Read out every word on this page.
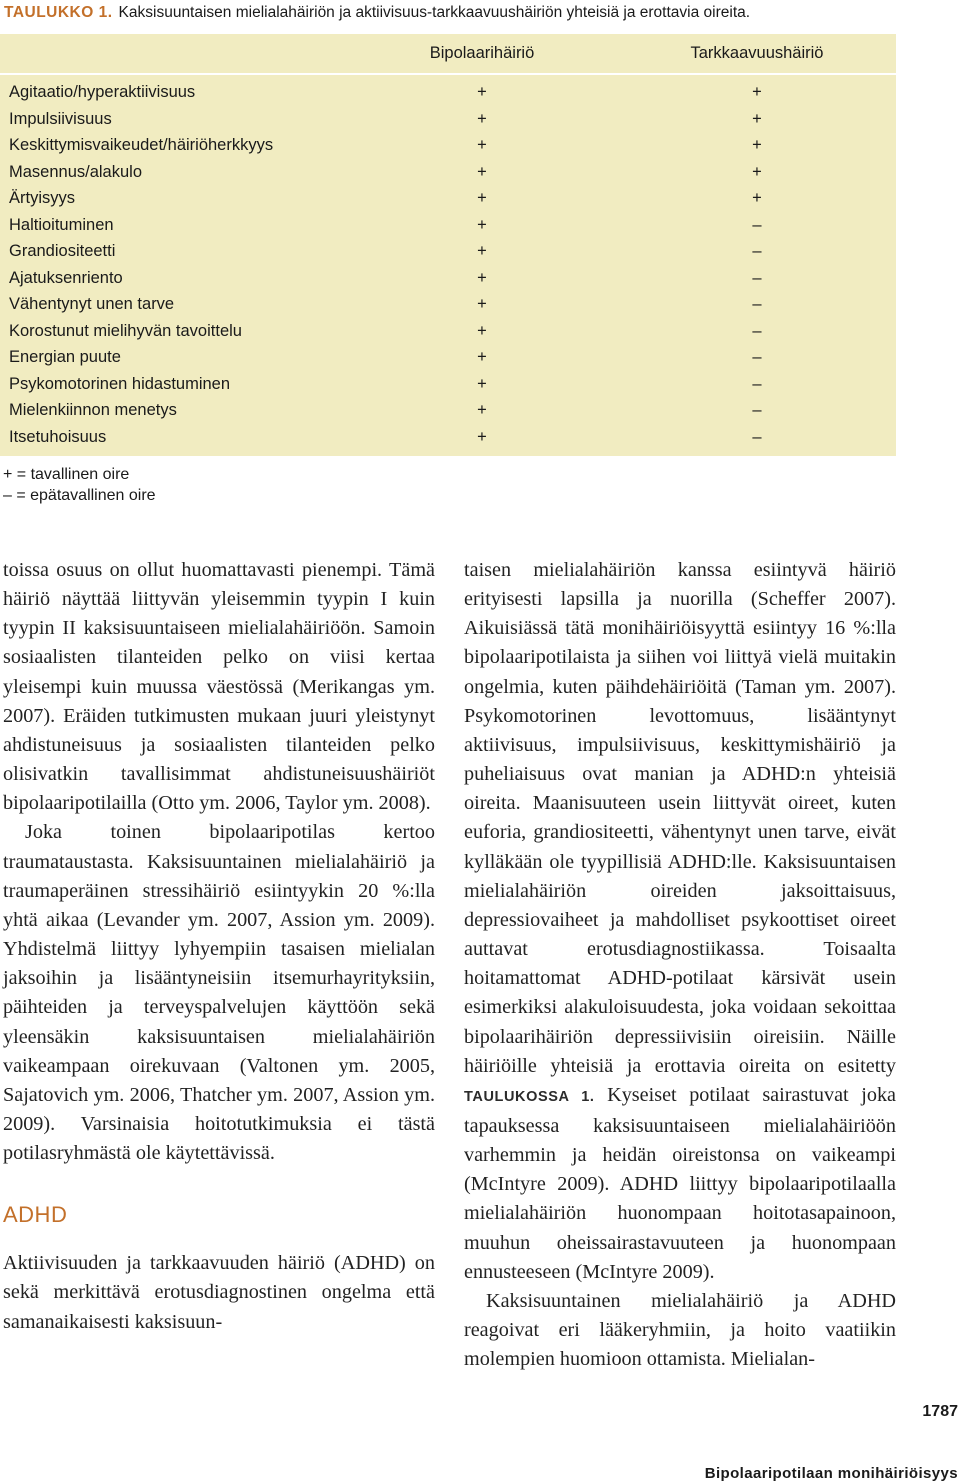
TAULUKKO 1. Kaksisuuntaisen mielialahäiriön ja aktiivisuus-tarkkaavuushäiriön yhteisiä ja erottavia oireita.
Bipolaarihäiriö	Tarkkaavuushäiriö
Agitaatio/hyperaktiivisuus	+	+
Impulsiivisuus	+	+
Keskittymisvaikeudet/häiriöherkkyys	+	+
Masennus/alakulo	+	+
Ärtyisyys	+	+
Haltioituminen	+	–
Grandiositeetti	+	–
Ajatuksenriento	+	–
Vähentynyt unen tarve	+	–
Korostunut mielihyvän tavoittelu	+	–
Energian puute	+	–
Psykomotorinen hidastuminen	+	–
Mielenkiinnon menetys	+	–
Itsetuhoisuus	+	–
+ = tavallinen oire
– = epätavallinen oire

toissa osuus on ollut huomattavasti pienempi. Tämä häiriö näyttää liittyvän yleisemmin tyypin I kuin tyypin II kaksisuuntaiseen mielialahäiriöön. Samoin sosiaalisten tilanteiden pelko on viisi kertaa yleisempi kuin muussa väestössä (Merikangas ym. 2007). Eräiden tutkimusten mukaan juuri yleistynyt ahdistuneisuus ja sosiaalisten tilanteiden pelko olisivatkin tavallisimmat ahdistuneisuushäiriöt bipolaaripotilailla (Otto ym. 2006, Taylor ym. 2008).

Joka toinen bipolaaripotilas kertoo traumataustasta. Kaksisuuntainen mielialahäiriö ja traumaperäinen stressihäiriö esiintyykin 20 %:lla yhtä aikaa (Levander ym. 2007, Assion ym. 2009). Yhdistelmä liittyy lyhyempiin tasaisen mielialan jaksoihin ja lisääntyneisiin itsemurhayrityksiin, päihteiden ja terveyspalvelujen käyttöön sekä yleensäkin kaksisuuntaisen mielialahäiriön vaikeampaan oirekuvaan (Valtonen ym. 2005, Sajatovich ym. 2006, Thatcher ym. 2007, Assion ym. 2009). Varsinaisia hoitotutkimuksia ei tästä potilasryhmästä ole käytettävissä.

ADHD

Aktiivisuuden ja tarkkaavuuden häiriö (ADHD) on sekä merkittävä erotusdiagnostinen ongelma että samanaikaisesti kaksisuun-

taisen mielialahäiriön kanssa esiintyvä häiriö erityisesti lapsilla ja nuorilla (Scheffer 2007). Aikuisiässä tätä monihäiriöisyyttä esiintyy 16 %:lla bipolaaripotilaista ja siihen voi liittyä vielä muitakin ongelmia, kuten päihdehäiriöitä (Taman ym. 2007). Psykomotorinen levottomuus, lisääntynyt aktiivisuus, impulsiivisuus, keskittymishäiriö ja puheliaisuus ovat manian ja ADHD:n yhteisiä oireita. Maanisuuteen usein liittyvät oireet, kuten euforia, grandiositeetti, vähentynyt unen tarve, eivät kylläkään ole tyypillisiä ADHD:lle. Kaksisuuntaisen mielialahäiriön oireiden jaksoittaisuus, depressiovaiheet ja mahdolliset psykoottiset oireet auttavat erotusdiagnostiikassa. Toisaalta hoitamattomat ADHD-potilaat kärsivät usein esimerkiksi alakuloisuudesta, joka voidaan sekoittaa bipolaarihäiriön depressiivisiin oireisiin. Näille häiriöille yhteisiä ja erottavia oireita on esitetty TAULUKOSSA 1. Kyseiset potilaat sairastuvat joka tapauksessa kaksisuuntaiseen mielialahäiriöön varhemmin ja heidän oireistonsa on vaikeampi (McIntyre 2009). ADHD liittyy bipolaaripotilaalla mielialahäiriön huonompaan hoitotasapainoon, muuhun oheissairastavuuteen ja huonompaan ennusteeseen (McIntyre 2009).

Kaksisuuntainen mielialahäiriö ja ADHD reagoivat eri lääkeryhmiin, ja hoito vaatiikin molempien huomioon ottamista. Mielialan-

1787
Bipolaaripotilaan monihäiriöisyys
